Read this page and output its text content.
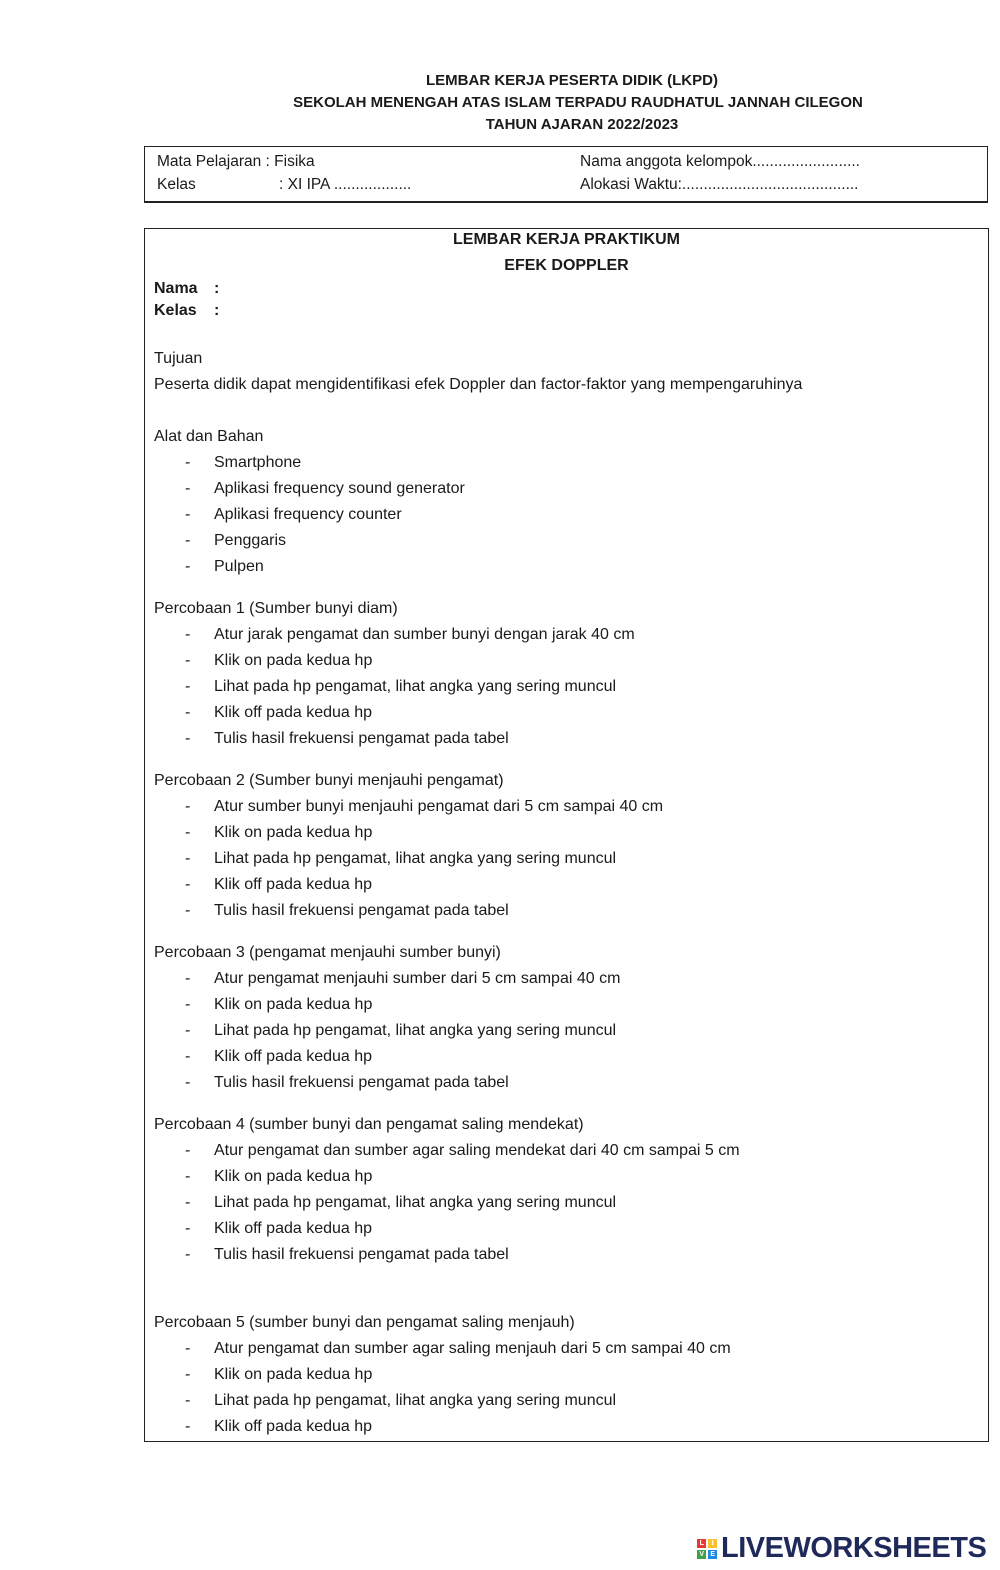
LEMBAR KERJA PESERTA DIDIK (LKPD)
SEKOLAH MENENGAH ATAS ISLAM TERPADU RAUDHATUL JANNAH CILEGON
TAHUN AJARAN 2022/2023
Mata Pelajaran : Fisika
Kelas	: XI IPA ..................
Nama anggota kelompok.........................
Alokasi Waktu:.........................................
LEMBAR KERJA PRAKTIKUM
EFEK DOPPLER
Nama :
Kelas :
Tujuan
Peserta didik dapat mengidentifikasi efek Doppler dan factor-faktor yang mempengaruhinya
Alat dan Bahan
- Smartphone
- Aplikasi frequency sound generator
- Aplikasi frequency counter
- Penggaris
- Pulpen
Percobaan 1 (Sumber bunyi diam)
- Atur jarak pengamat dan sumber bunyi dengan jarak 40 cm
- Klik on pada kedua hp
- Lihat pada hp pengamat, lihat angka yang sering muncul
- Klik off pada kedua hp
- Tulis hasil frekuensi pengamat pada tabel
Percobaan 2 (Sumber bunyi menjauhi pengamat)
- Atur sumber bunyi menjauhi pengamat dari 5 cm sampai 40 cm
- Klik on pada kedua hp
- Lihat pada hp pengamat, lihat angka yang sering muncul
- Klik off pada kedua hp
- Tulis hasil frekuensi pengamat pada tabel
Percobaan 3 (pengamat menjauhi sumber bunyi)
- Atur pengamat menjauhi sumber dari 5 cm sampai 40 cm
- Klik on pada kedua hp
- Lihat pada hp pengamat, lihat angka yang sering muncul
- Klik off pada kedua hp
- Tulis hasil frekuensi pengamat pada tabel
Percobaan 4 (sumber bunyi dan pengamat saling mendekat)
- Atur pengamat dan sumber agar saling mendekat dari 40 cm sampai 5 cm
- Klik on pada kedua hp
- Lihat pada hp pengamat, lihat angka yang sering muncul
- Klik off pada kedua hp
- Tulis hasil frekuensi pengamat pada tabel
Percobaan 5 (sumber bunyi dan pengamat saling menjauh)
- Atur pengamat dan sumber agar saling menjauh dari 5 cm sampai 40 cm
- Klik on pada kedua hp
- Lihat pada hp pengamat, lihat angka yang sering muncul
- Klik off pada kedua hp
L	I
V E LIVEWORKSHEETS
